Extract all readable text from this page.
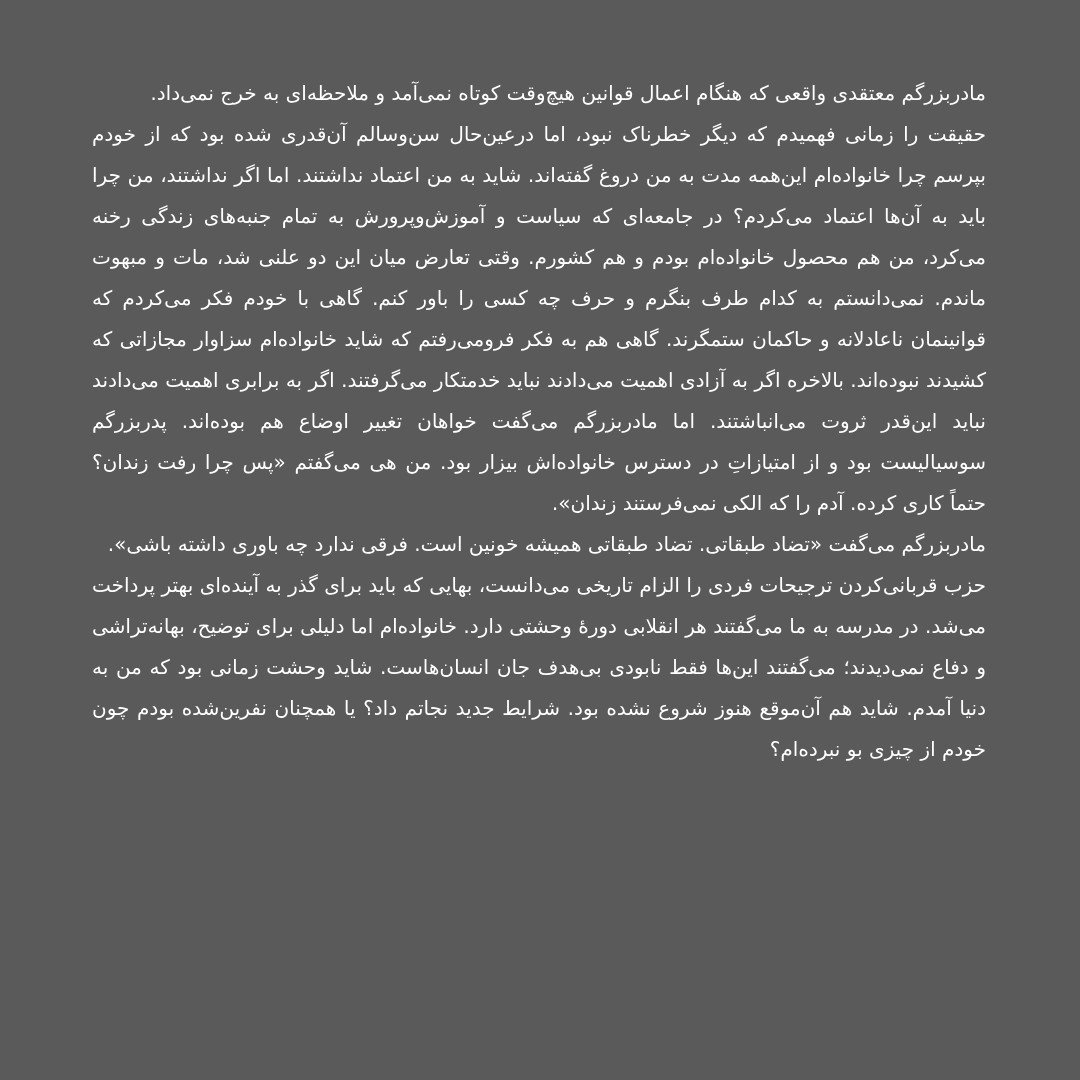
مادربزرگم معتقدی واقعی که هنگام اعمال قوانین هیچ‌وقت کوتاه نمی‌آمد و ملاحظه‌ای به خرج نمی‌داد.

حقیقت را زمانی فهمیدم که دیگر خطرناک نبود، اما درعین‌حال سن‌وسالم آن‌قدری شده بود که از خودم بپرسم چرا خانواده‌ام این‌همه مدت به من دروغ گفته‌اند. شاید به من اعتماد نداشتند. اما اگر نداشتند، من چرا باید به آن‌ها اعتماد می‌کردم؟ در جامعه‌ای که سیاست و آموزش‌وپرورش به تمام جنبه‌های زندگی رخنه می‌کرد، من هم محصول خانواده‌ام بودم و هم کشورم. وقتی تعارض میان این دو علنی شد، مات و مبهوت ماندم. نمی‌دانستم به کدام طرف بنگرم و حرف چه کسی را باور کنم. گاهی با خودم فکر می‌کردم که قوانینمان ناعادلانه و حاکمان ستمگرند. گاهی هم به فکر فرومی‌رفتم که شاید خانواده‌ام سزاوار مجازاتی که کشیدند نبوده‌اند. بالاخره اگر به آزادی اهمیت می‌دادند نباید خدمتکار می‌گرفتند. اگر به برابری اهمیت می‌دادند نباید این‌قدر ثروت می‌انباشتند. اما مادربزرگم می‌گفت خواهان تغییر اوضاع هم بوده‌اند. پدربزرگم سوسیالیست بود و از امتیازاتِ در دسترس خانواده‌اش بیزار بود. من هی می‌گفتم «پس چرا رفت زندان؟ حتماً کاری کرده. آدم را که الکی نمی‌فرستند زندان».

مادربزرگم می‌گفت «تضاد طبقاتی. تضاد طبقاتی همیشه خونین است. فرقی ندارد چه باوری داشته باشی».

حزب قربانی‌کردن ترجیحات فردی را الزام تاریخی می‌دانست، بهایی که باید برای گذر به آینده‌ای بهتر پرداخت می‌شد. در مدرسه به ما می‌گفتند هر انقلابی دورهٔ وحشتی دارد. خانواده‌ام اما دلیلی برای توضیح، بهانه‌تراشی و دفاع نمی‌دیدند؛ می‌گفتند این‌ها فقط نابودی بی‌هدف جان انسان‌هاست. شاید وحشت زمانی بود که من به دنیا آمدم. شاید هم آن‌موقع هنوز شروع نشده بود. شرایط جدید نجاتم داد؟ یا همچنان نفرین‌شده بودم چون خودم از چیزی بو نبرده‌ام؟
